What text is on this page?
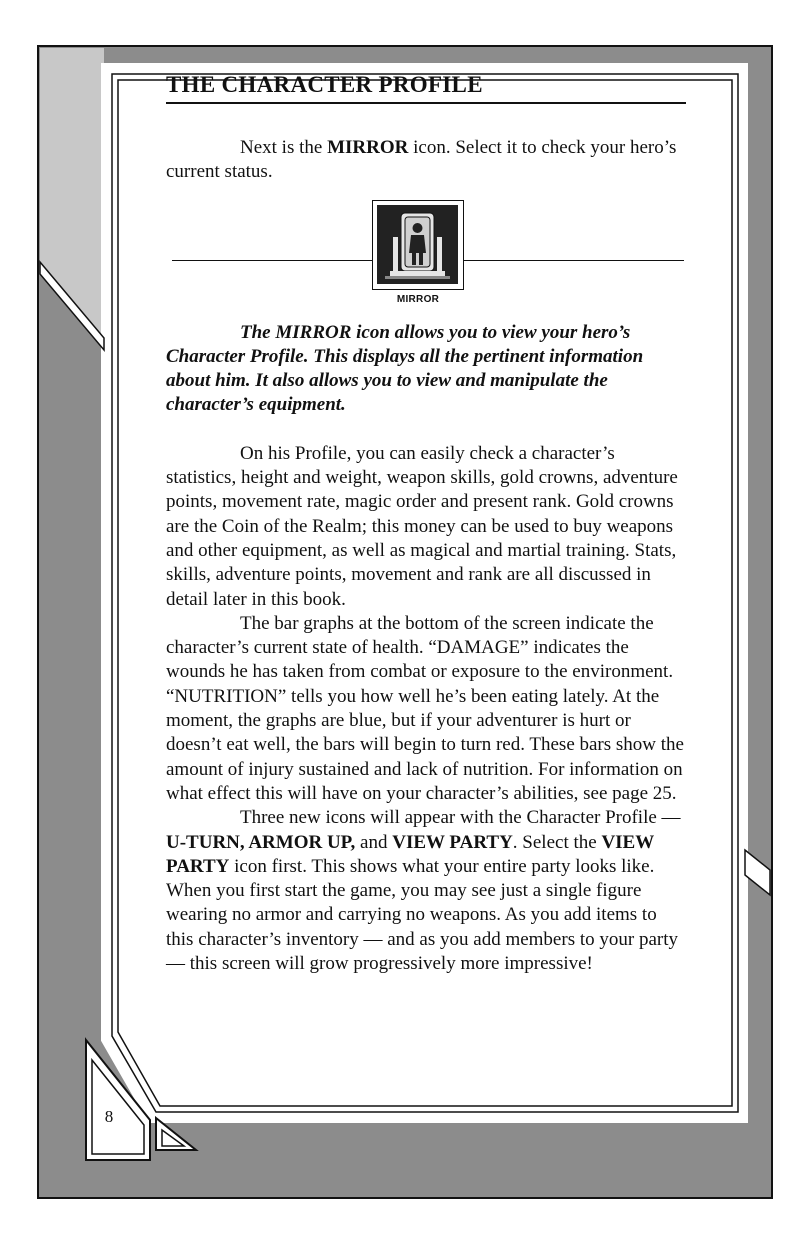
8
THE CHARACTER PROFILE

Next is the MIRROR icon. Select it to check your hero’s current status.

MIRROR

The MIRROR icon allows you to view your hero’s Character Profile. This displays all the pertinent information about him. It also allows you to view and manipulate the character’s equipment.

On his Profile, you can easily check a character’s statistics, height and weight, weapon skills, gold crowns, adventure points, movement rate, magic order and present rank. Gold crowns are the Coin of the Realm; this money can be used to buy weapons and other equipment, as well as magical and martial training. Stats, skills, adventure points, movement and rank are all discussed in detail later in this book.

The bar graphs at the bottom of the screen indicate the character’s current state of health. “DAMAGE” indicates the wounds he has taken from combat or exposure to the environment. “NUTRITION” tells you how well he’s been eating lately. At the moment, the graphs are blue, but if your adventurer is hurt or doesn’t eat well, the bars will begin to turn red. These bars show the amount of injury sustained and lack of nutrition. For information on what effect this will have on your character’s abilities, see page 25.

Three new icons will appear with the Character Profile — U-TURN, ARMOR UP, and VIEW PARTY. Select the VIEW PARTY icon first. This shows what your entire party looks like. When you first start the game, you may see just a single figure wearing no armor and carrying no weapons. As you add items to this character’s inventory — and as you add members to your party — this screen will grow progressively more impressive!
